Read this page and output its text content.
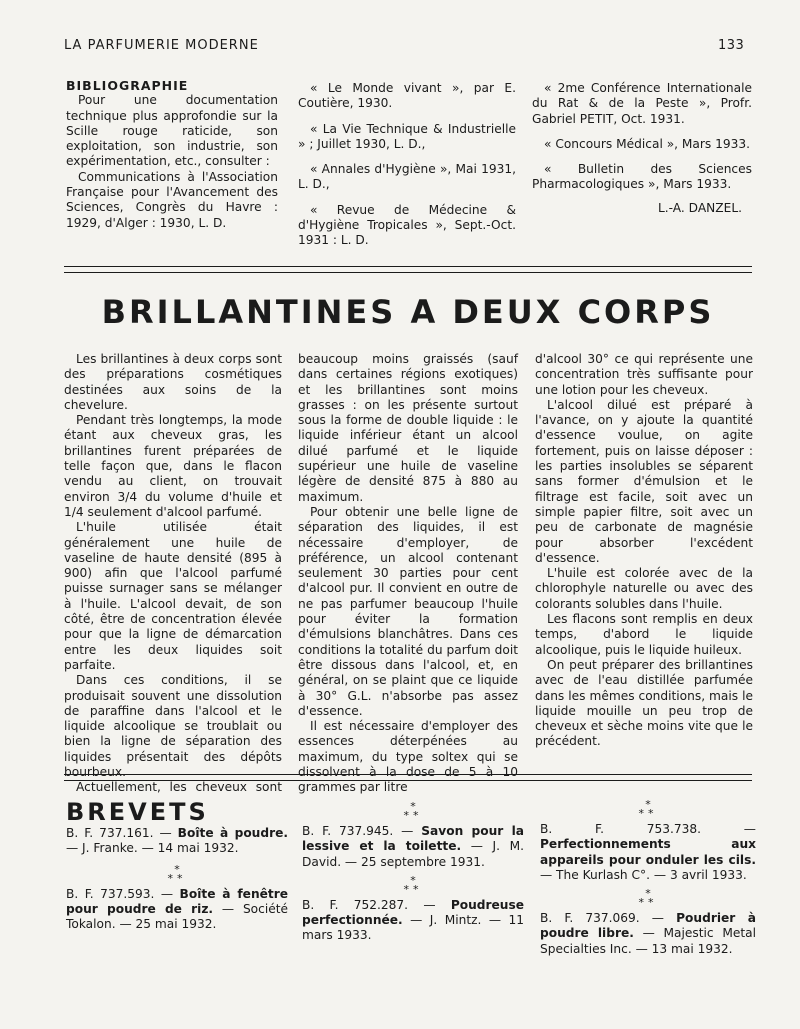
LA PARFUMERIE MODERNE	133

BIBLIOGRAPHIE

Pour une documentation technique plus approfondie sur la Scille rouge raticide, son exploitation, son industrie, son expérimentation, etc., consulter :

Communications à l'Association Française pour l'Avancement des Sciences, Congrès du Havre : 1929, d'Alger : 1930, L. D.

« Le Monde vivant », par E. Coutière, 1930.

« La Vie Technique & Industrielle » ; Juillet 1930, L. D.,

« Annales d'Hygiène », Mai 1931, L. D.,

« Revue de Médecine & d'Hygiène Tropicales », Sept.-Oct. 1931 : L. D.

« 2me Conférence Internationale du Rat & de la Peste », Profr. Gabriel PETIT, Oct. 1931.

« Concours Médical », Mars 1933.

« Bulletin des Sciences Pharmacologiques », Mars 1933.

L.-A. DANZEL.

BRILLANTINES A DEUX CORPS

Les brillantines à deux corps sont des préparations cosmétiques destinées aux soins de la chevelure.

Pendant très longtemps, la mode étant aux cheveux gras, les brillantines furent préparées de telle façon que, dans le flacon vendu au client, on trouvait environ 3/4 du volume d'huile et 1/4 seulement d'alcool parfumé.

L'huile utilisée était généralement une huile de vaseline de haute densité (895 à 900) afin que l'alcool parfumé puisse surnager sans se mélanger à l'huile. L'alcool devait, de son côté, être de concentration élevée pour que la ligne de démarcation entre les deux liquides soit parfaite.

Dans ces conditions, il se produisait souvent une dissolution de paraffine dans l'alcool et le liquide alcoolique se troublait ou bien la ligne de séparation des liquides présentait des dépôts bourbeux.

Actuellement, les cheveux sont

beaucoup moins graissés (sauf dans certaines régions exotiques) et les brillantines sont moins grasses : on les présente surtout sous la forme de double liquide : le liquide inférieur étant un alcool dilué parfumé et le liquide supérieur une huile de vaseline légère de densité 875 à 880 au maximum.

Pour obtenir une belle ligne de séparation des liquides, il est nécessaire d'employer, de préférence, un alcool contenant seulement 30 parties pour cent d'alcool pur. Il convient en outre de ne pas parfumer beaucoup l'huile pour éviter la formation d'émulsions blanchâtres. Dans ces conditions la totalité du parfum doit être dissous dans l'alcool, et, en général, on se plaint que ce liquide à 30° G.L. n'absorbe pas assez d'essence.

Il est nécessaire d'employer des essences déterpénées au maximum, du type soltex qui se dissolvent à la dose de 5 à 10 grammes par litre

d'alcool 30° ce qui représente une concentration très suffisante pour une lotion pour les cheveux.

L'alcool dilué est préparé à l'avance, on y ajoute la quantité d'essence voulue, on agite fortement, puis on laisse déposer : les parties insolubles se séparent sans former d'émulsion et le filtrage est facile, soit avec un simple papier filtre, soit avec un peu de carbonate de magnésie pour absorber l'excédent d'essence.

L'huile est colorée avec de la chlorophyle naturelle ou avec des colorants solubles dans l'huile.

Les flacons sont remplis en deux temps, d'abord le liquide alcoolique, puis le liquide huileux.

On peut préparer des brillantines avec de l'eau distillée parfumée dans les mêmes conditions, mais le liquide mouille un peu trop de cheveux et sèche moins vite que le précédent.

BREVETS

B. F. 737.161. — Boîte à poudre. — J. Franke. — 14 mai 1932.

*
**

B. F. 737.593. — Boîte à fenêtre pour poudre de riz. — Société Tokalon. — 25 mai 1932.

*
**

B. F. 737.945. — Savon pour la lessive et la toilette. — J. M. David. — 25 septembre 1931.

*
**

B. F. 752.287. — Poudreuse perfectionnée. — J. Mintz. — 11 mars 1933.

*
**

B. F. 753.738. — Perfectionnements aux appareils pour onduler les cils. — The Kurlash C°. — 3 avril 1933.

*
**

B. F. 737.069. — Poudrier à poudre libre. — Majestic Metal Specialties Inc. — 13 mai 1932.
